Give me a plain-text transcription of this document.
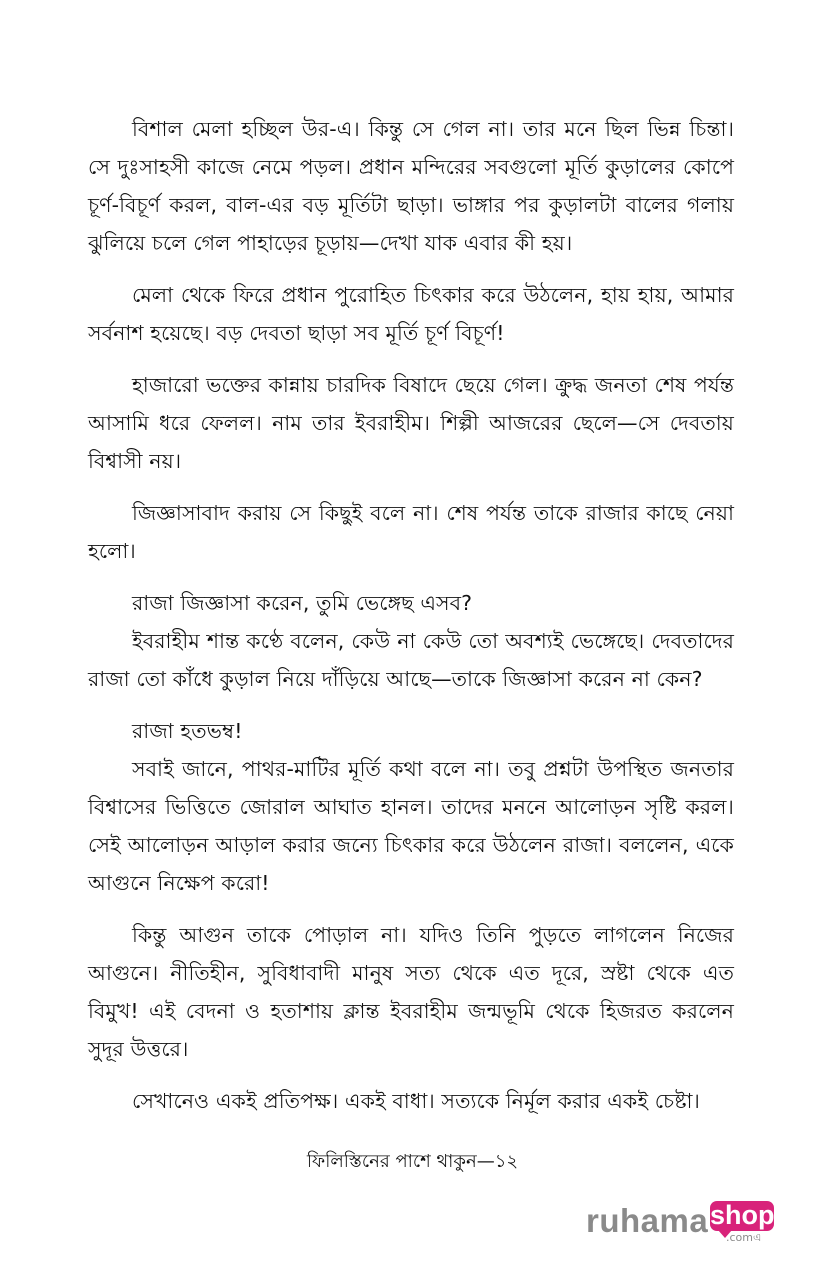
বিশাল মেলা হচ্ছিল উর-এ। কিন্তু সে গেল না। তার মনে ছিল ভিন্ন চিন্তা। সে দুঃসাহসী কাজে নেমে পড়ল। প্রধান মন্দিরের সবগুলো মূর্তি কুড়ালের কোপে চূর্ণ-বিচূর্ণ করল, বাল-এর বড় মূর্তিটা ছাড়া। ভাঙ্গার পর কুড়ালটা বালের গলায় ঝুলিয়ে চলে গেল পাহাড়ের চূড়ায়—দেখা যাক এবার কী হয়।

মেলা থেকে ফিরে প্রধান পুরোহিত চিৎকার করে উঠলেন, হায় হায়, আমার সর্বনাশ হয়েছে। বড় দেবতা ছাড়া সব মূর্তি চূর্ণ বিচূর্ণ!

হাজারো ভক্তের কান্নায় চারদিক বিষাদে ছেয়ে গেল। ক্রুদ্ধ জনতা শেষ পর্যন্ত আসামি ধরে ফেলল। নাম তার ইবরাহীম। শিল্পী আজরের ছেলে—সে দেবতায় বিশ্বাসী নয়।

জিজ্ঞাসাবাদ করায় সে কিছুই বলে না। শেষ পর্যন্ত তাকে রাজার কাছে নেয়া হলো।

রাজা জিজ্ঞাসা করেন, তুমি ভেঙ্গেছ এসব?

ইবরাহীম শান্ত কণ্ঠে বলেন, কেউ না কেউ তো অবশ্যই ভেঙ্গেছে। দেবতাদের রাজা তো কাঁধে কুড়াল নিয়ে দাঁড়িয়ে আছে—তাকে জিজ্ঞাসা করেন না কেন?

রাজা হতভম্ব!

সবাই জানে, পাথর-মাটির মূর্তি কথা বলে না। তবু প্রশ্নটা উপস্থিত জনতার বিশ্বাসের ভিত্তিতে জোরাল আঘাত হানল। তাদের মননে আলোড়ন সৃষ্টি করল। সেই আলোড়ন আড়াল করার জন্যে চিৎকার করে উঠলেন রাজা। বললেন, একে আগুনে নিক্ষেপ করো!

কিন্তু আগুন তাকে পোড়াল না। যদিও তিনি পুড়তে লাগলেন নিজের আগুনে। নীতিহীন, সুবিধাবাদী মানুষ সত্য থেকে এত দূরে, স্রষ্টা থেকে এত বিমুখ! এই বেদনা ও হতাশায় ক্লান্ত ইবরাহীম জন্মভূমি থেকে হিজরত করলেন সুদূর উত্তরে।

সেখানেও একই প্রতিপক্ষ। একই বাধা। সত্যকে নির্মূল করার একই চেষ্টা।

ফিলিস্তিনের পাশে থাকুন—১২
ruhama shop
.comএ
